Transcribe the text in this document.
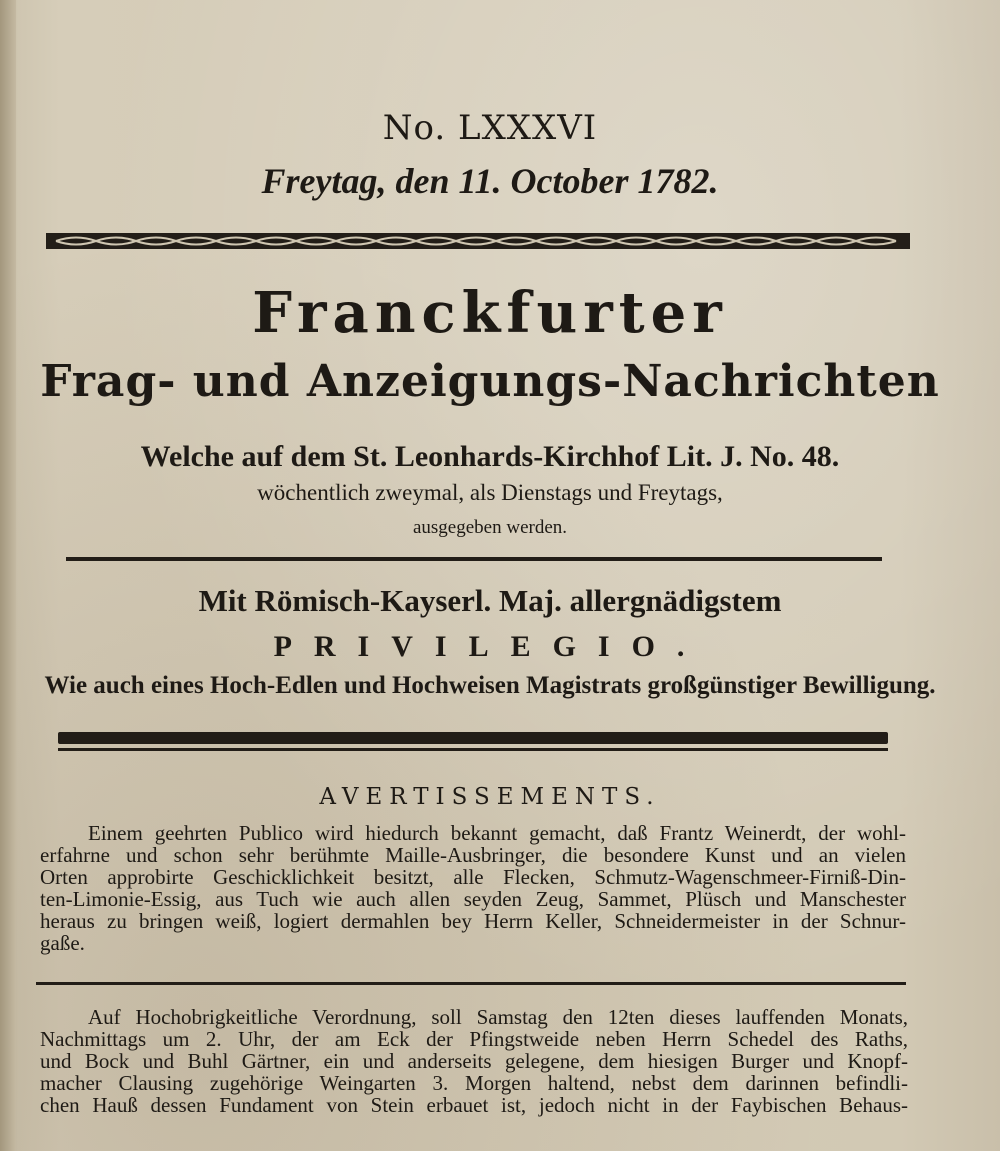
No. LXXXVI
Freytag, den 11. October 1782.
Franckfurter
Frag- und Anzeigungs-Nachrichten
Welche auf dem St. Leonhards-Kirchhof Lit. J. No. 48.
wöchentlich zweymal, als Dienstags und Freytags,
ausgegeben werden.
Mit Römisch-Kayserl. Maj. allergnädigstem
PRIVILEGIO.
Wie auch eines Hoch-Edlen und Hochweisen Magistrats großgünstiger Bewilligung.
AVERTISSEMENTS.
Einem geehrten Publico wird hiedurch bekannt gemacht, daß Frantz Weinerdt, der wohl-
erfahrne und schon sehr berühmte Maille-Ausbringer, die besondere Kunst und an vielen
Orten approbirte Geschicklichkeit besitzt, alle Flecken, Schmutz-Wagenschmeer-Firniß-Din-
ten-Limonie-Essig, aus Tuch wie auch allen seyden Zeug, Sammet, Plüsch und Manschester
heraus zu bringen weiß, logiert dermahlen bey Herrn Keller, Schneidermeister in der Schnur-
gaße.
Auf Hochobrigkeitliche Verordnung, soll Samstag den 12ten dieses lauffenden Monats,
Nachmittags um 2. Uhr, der am Eck der Pfingstweide neben Herrn Schedel des Raths,
und Bock und Buhl Gärtner, ein und anderseits gelegene, dem hiesigen Burger und Knopf-
macher Clausing zugehörige Weingarten 3. Morgen haltend, nebst dem darinnen befindli-
chen Hauß dessen Fundament von Stein erbauet ist, jedoch nicht in der Faybischen Behaus-
